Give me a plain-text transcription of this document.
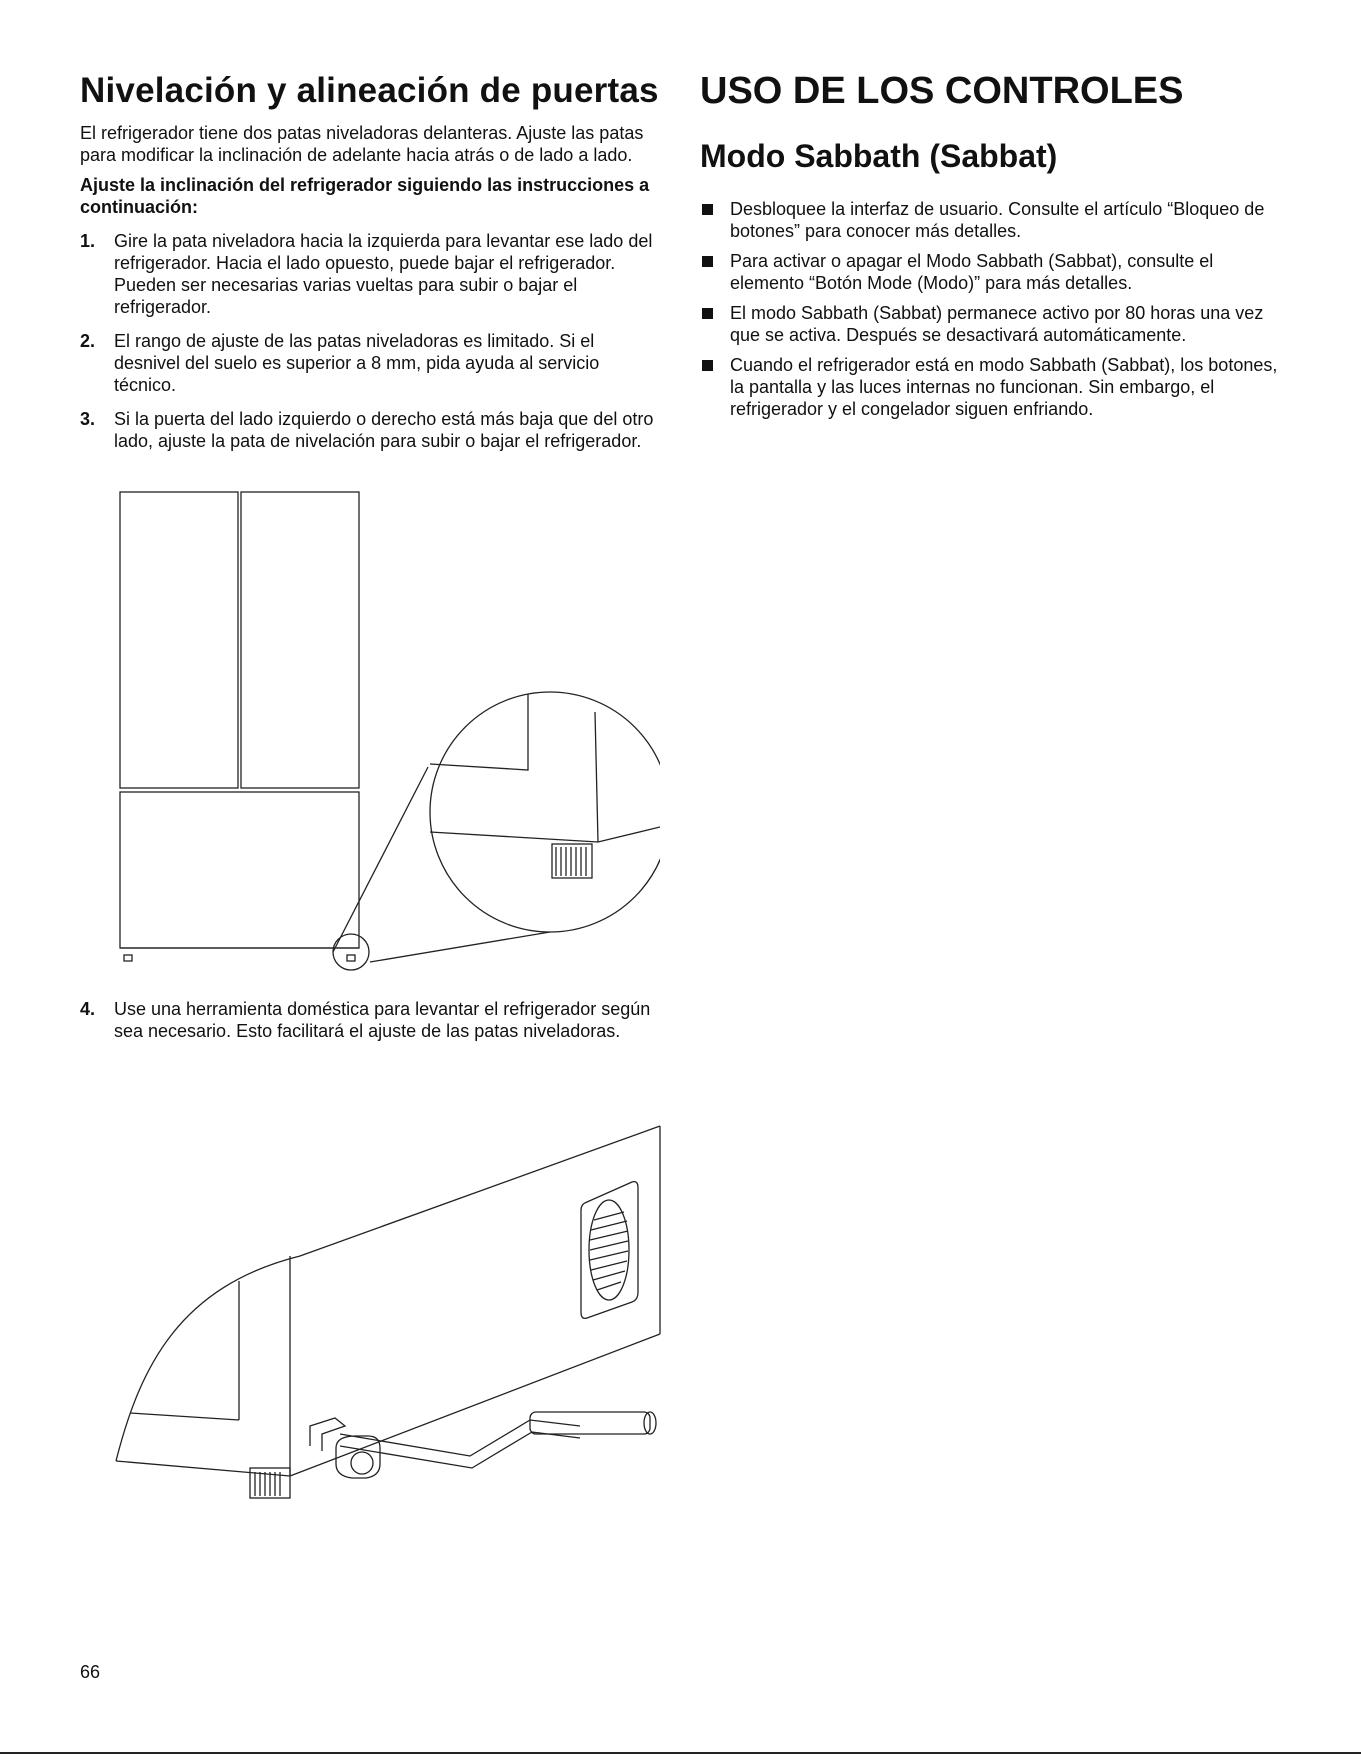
Nivelación y alineación de puertas

El refrigerador tiene dos patas niveladoras delanteras. Ajuste las patas para modificar la inclinación de adelante hacia atrás o de lado a lado.

Ajuste la inclinación del refrigerador siguiendo las instrucciones a continuación:

1. Gire la pata niveladora hacia la izquierda para levantar ese lado del refrigerador. Hacia el lado opuesto, puede bajar el refrigerador. Pueden ser necesarias varias vueltas para subir o bajar el refrigerador.
2. El rango de ajuste de las patas niveladoras es limitado. Si el desnivel del suelo es superior a 8 mm, pida ayuda al servicio técnico.
3. Si la puerta del lado izquierdo o derecho está más baja que del otro lado, ajuste la pata de nivelación para subir o bajar el refrigerador.
4. Use una herramienta doméstica para levantar el refrigerador según sea necesario. Esto facilitará el ajuste de las patas niveladoras.
USO DE LOS CONTROLES
Modo Sabbath (Sabbat)
Desbloquee la interfaz de usuario. Consulte el artículo “Bloqueo de botones” para conocer más detalles.
Para activar o apagar el Modo Sabbath (Sabbat), consulte el elemento “Botón Mode (Modo)” para más detalles.
El modo Sabbath (Sabbat) permanece activo por 80 horas una vez que se activa. Después se desactivará automáticamente.
Cuando el refrigerador está en modo Sabbath (Sabbat), los botones, la pantalla y las luces internas no funcionan. Sin embargo, el refrigerador y el congelador siguen enfriando.
66
